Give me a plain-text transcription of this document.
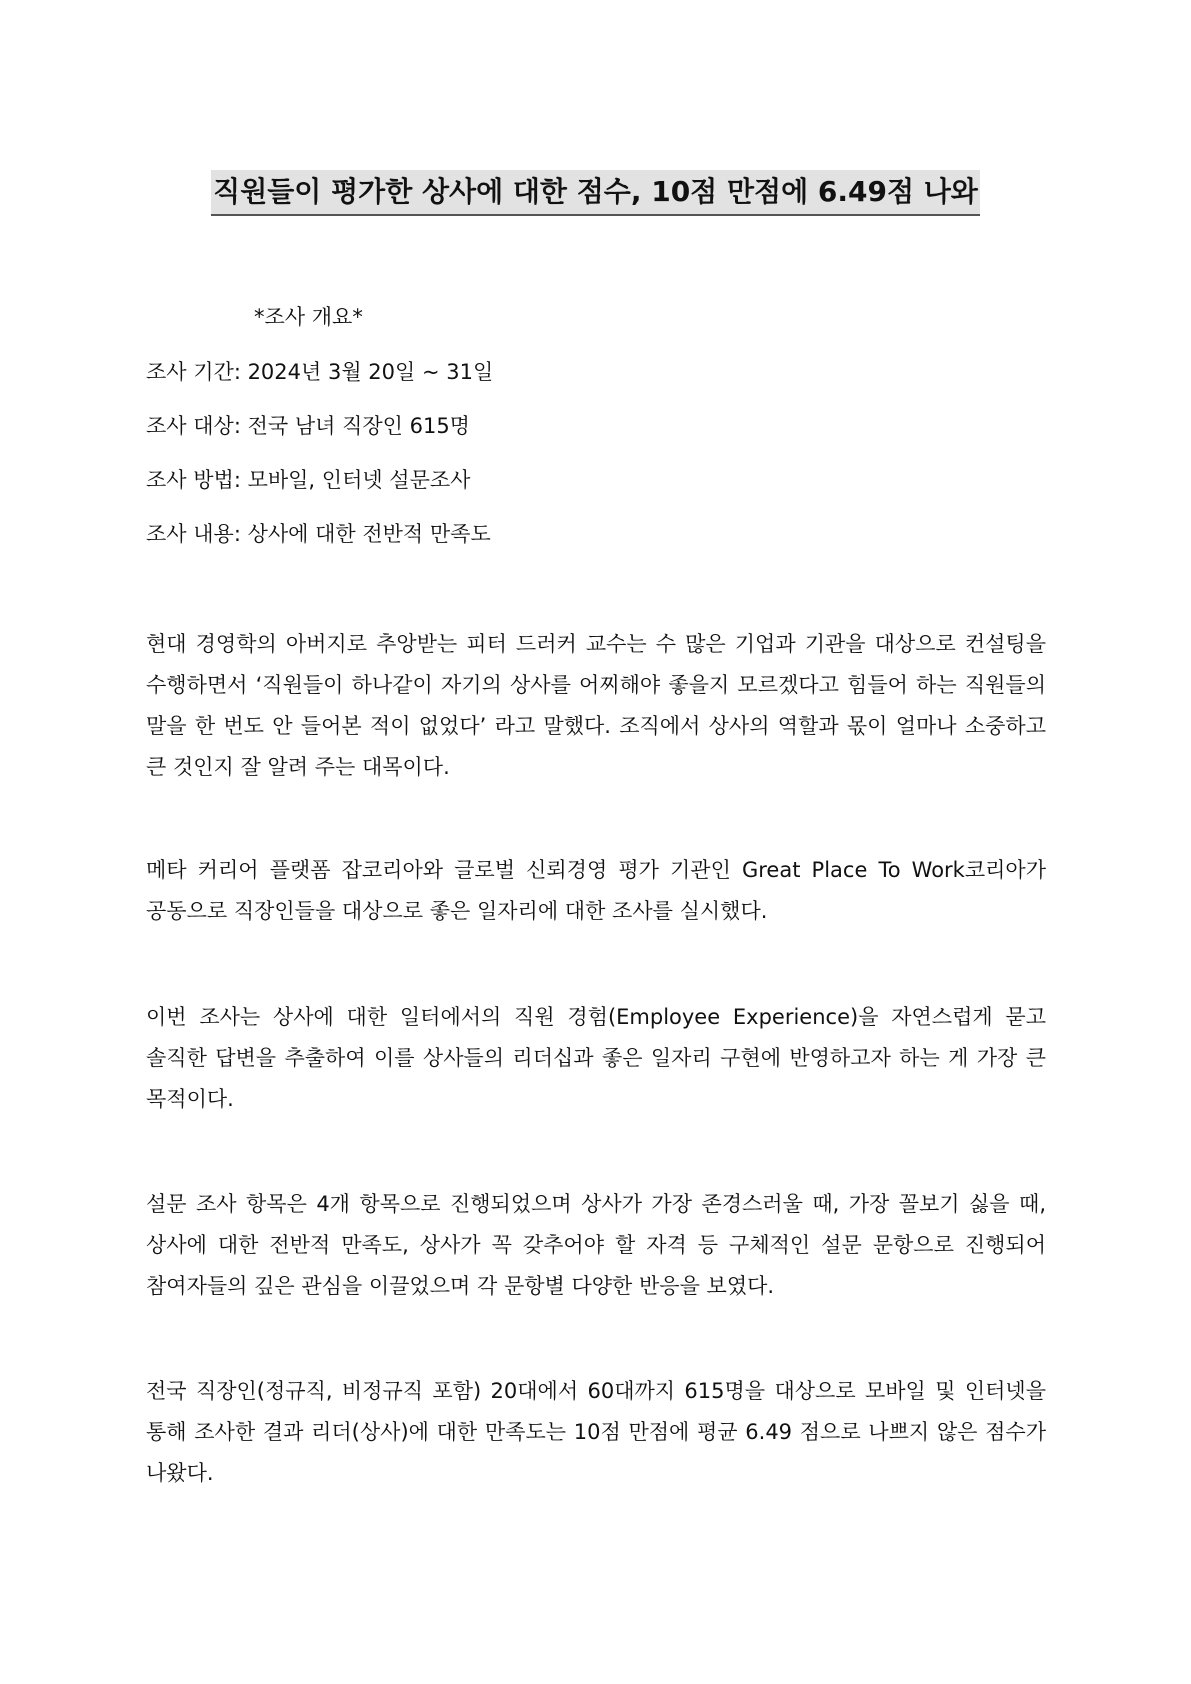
직원들이 평가한 상사에 대한 점수, 10점 만점에 6.49점 나와
*조사 개요*
조사 기간: 2024년 3월 20일 ~ 31일
조사 대상: 전국 남녀 직장인 615명
조사 방법: 모바일, 인터넷 설문조사
조사 내용: 상사에 대한 전반적 만족도

현대 경영학의 아버지로 추앙받는 피터 드러커 교수는 수 많은 기업과 기관을 대상으로 컨설팅을 수행하면서 ‘직원들이 하나같이 자기의 상사를 어찌해야 좋을지 모르겠다고 힘들어 하는 직원들의 말을 한 번도 안 들어본 적이 없었다’ 라고 말했다. 조직에서 상사의 역할과 몫이 얼마나 소중하고 큰 것인지 잘 알려 주는 대목이다.

메타 커리어 플랫폼 잡코리아와 글로벌 신뢰경영 평가 기관인 Great Place To Work코리아가 공동으로 직장인들을 대상으로 좋은 일자리에 대한 조사를 실시했다.

이번 조사는 상사에 대한 일터에서의 직원 경험(Employee Experience)을 자연스럽게 묻고 솔직한 답변을 추출하여 이를 상사들의 리더십과 좋은 일자리 구현에 반영하고자 하는 게 가장 큰 목적이다.

설문 조사 항목은 4개 항목으로 진행되었으며 상사가 가장 존경스러울 때, 가장 꼴보기 싫을 때, 상사에 대한 전반적 만족도, 상사가 꼭 갖추어야 할 자격 등 구체적인 설문 문항으로 진행되어 참여자들의 깊은 관심을 이끌었으며 각 문항별 다양한 반응을 보였다.

전국 직장인(정규직, 비정규직 포함) 20대에서 60대까지 615명을 대상으로 모바일 및 인터넷을 통해 조사한 결과 리더(상사)에 대한 만족도는 10점 만점에 평균 6.49 점으로 나쁘지 않은 점수가 나왔다.
